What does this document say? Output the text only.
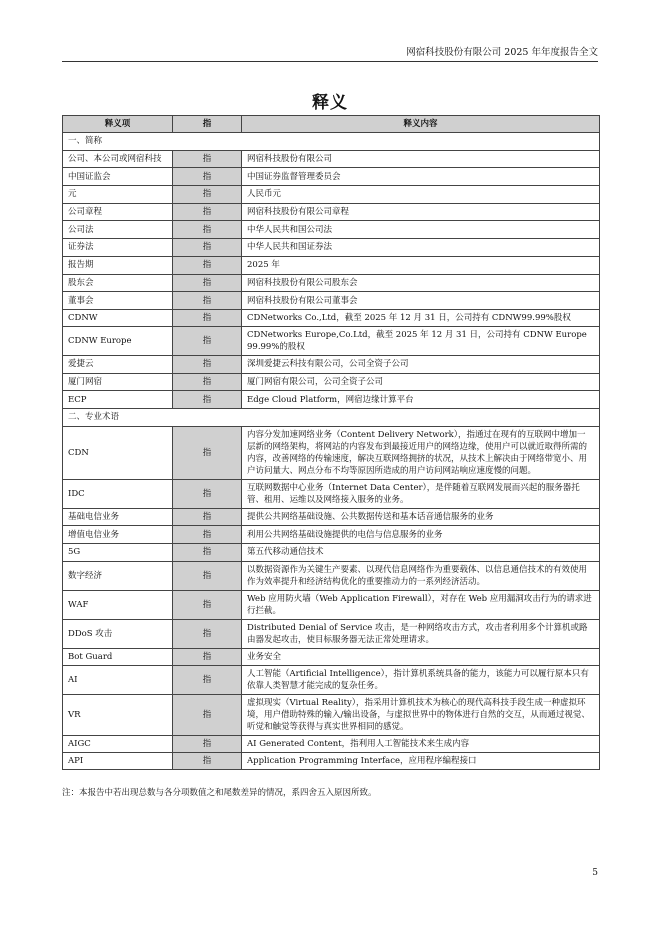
网宿科技股份有限公司 2025 年年度报告全文
释义
释义项	指	释义内容
一、简称		
公司、本公司或网宿科技	指	网宿科技股份有限公司
中国证监会	指	中国证券监督管理委员会
元	指	人民币元
公司章程	指	网宿科技股份有限公司章程
公司法	指	中华人民共和国公司法
证券法	指	中华人民共和国证券法
报告期	指	2025 年
股东会	指	网宿科技股份有限公司股东会
董事会	指	网宿科技股份有限公司董事会
CDNW	指	CDNetworks Co.,Ltd，截至 2025 年 12 月 31 日，公司持有 CDNW99.99%股权
CDNW Europe	指	CDNetworks Europe,Co.Ltd，截至 2025 年 12 月 31 日，公司持有 CDNW Europe 99.99%的股权
爱捷云	指	深圳爱捷云科技有限公司，公司全资子公司
厦门网宿	指	厦门网宿有限公司，公司全资子公司
ECP	指	Edge Cloud Platform，网宿边缘计算平台
二、专业术语		
CDN	指	内容分发加速网络业务（Content Delivery Network），指通过在现有的互联网中增加一层新的网络架构，将网站的内容发布到最接近用户的网络边缘，使用户可以就近取得所需的内容，改善网络的传输速度，解决互联网络拥挤的状况，从技术上解决由于网络带宽小、用户访问量大、网点分布不均等原因所造成的用户访问网站响应速度慢的问题。
IDC	指	互联网数据中心业务（Internet Data Center），是伴随着互联网发展而兴起的服务器托管、租用、运维以及网络接入服务的业务。
基础电信业务	指	提供公共网络基础设施、公共数据传送和基本话音通信服务的业务
增值电信业务	指	利用公共网络基础设施提供的电信与信息服务的业务
5G	指	第五代移动通信技术
数字经济	指	以数据资源作为关键生产要素、以现代信息网络作为重要载体、以信息通信技术的有效使用作为效率提升和经济结构优化的重要推动力的一系列经济活动。
WAF	指	Web 应用防火墙（Web Application Firewall），对存在 Web 应用漏洞攻击行为的请求进行拦截。
DDoS 攻击	指	Distributed Denial of Service 攻击，是一种网络攻击方式，攻击者利用多个计算机或路由器发起攻击，使目标服务器无法正常处理请求。
Bot Guard	指	业务安全
AI	指	人工智能（Artificial Intelligence），指计算机系统具备的能力，该能力可以履行原本只有依靠人类智慧才能完成的复杂任务。
VR	指	虚拟现实（Virtual Reality），指采用计算机技术为核心的现代高科技手段生成一种虚拟环境，用户借助特殊的输入/输出设备，与虚拟世界中的物体进行自然的交互，从而通过视觉、听觉和触觉等获得与真实世界相同的感觉。
AIGC	指	AI Generated Content，指利用人工智能技术来生成内容
API	指	Application Programming Interface，应用程序编程接口
注：本报告中若出现总数与各分项数值之和尾数差异的情况，系四舍五入原因所致。
5
